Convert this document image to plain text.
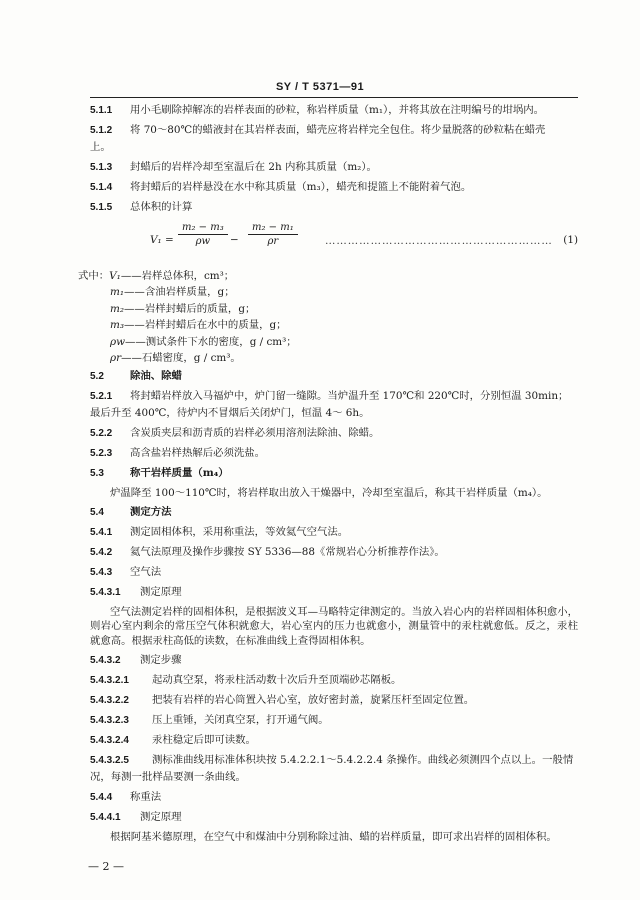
SY / T 5371—91
5.1.1	用小毛刷除掉解冻的岩样表面的砂粒，称岩样质量（m₁），并将其放在注明编号的坩埚内。
5.1.2	将 70～80℃的蜡液封在其岩样表面，蜡壳应将岩样完全包住。将少量脱落的砂粒粘在蜡壳
上。
5.1.3	封蜡后的岩样冷却至室温后在 2h 内称其质量（m₂）。
5.1.4	将封蜡后的岩样悬没在水中称其质量（m₃），蜡壳和提篮上不能附着气泡。
5.1.5	总体积的计算
$V_1 = \frac{\text{m₂ − m₃}}{\rho w} - \frac{\text{m₂ − m₁}}{\rho r}$	…………………………………………………… (1)
式中：V₁——岩样总体积，cm³；
m₁——含油岩样质量，g；
m₂——岩样封蜡后的质量，g；
m₃——岩样封蜡后在水中的质量，g；
ρw——测试条件下水的密度，g / cm³；
ρr——石蜡密度，g / cm³。
5.2	除油、除蜡
5.2.1	将封蜡岩样放入马福炉中，炉门留一缝隙。当炉温升至 170℃和 220℃时，分别恒温 30min；
最后升至 400℃，待炉内不冒烟后关闭炉门，恒温 4～ 6h。
5.2.2	含炭质夹层和沥青质的岩样必须用溶剂法除油、除蜡。
5.2.3	高含盐岩样热解后必须洗盐。
5.3	称干岩样质量（m₄）

炉温降至 100～110℃时，将岩样取出放入干燥器中，冷却至室温后，称其干岩样质量（m₄）。

5.4	测定方法
5.4.1	测定固相体积，采用称重法，等效氦气空气法。
5.4.2	氦气法原理及操作步骤按 SY 5336—88《常规岩心分析推荐作法》。
5.4.3	空气法
5.4.3.1	测定原理

空气法测定岩样的固相体积，是根据波义耳—马略特定律测定的。当放入岩心内的岩样固相体积愈小，则岩心室内剩余的常压空气体积就愈大，岩心室内的压力也就愈小，测量管中的汞柱就愈低。反之，汞柱就愈高。根据汞柱高低的读数，在标准曲线上查得固相体积。

5.4.3.2	测定步骤
5.4.3.2.1	起动真空泵，将汞柱活动数十次后升至顶端砂芯隔板。
5.4.3.2.2	把装有岩样的岩心筒置入岩心室，放好密封盖，旋紧压杆至固定位置。
5.4.3.2.3	压上重锤，关闭真空泵，打开通气阀。
5.4.3.2.4	汞柱稳定后即可读数。
5.4.3.2.5	测标准曲线用标准体积块按 5.4.2.2.1～5.4.2.2.4 条操作。曲线必须测四个点以上。一般情
况，每测一批样品要测一条曲线。
5.4.4	称重法
5.4.4.1	测定原理

根据阿基米德原理，在空气中和煤油中分别称除过油、蜡的岩样质量，即可求出岩样的固相体积。

— 2 —
